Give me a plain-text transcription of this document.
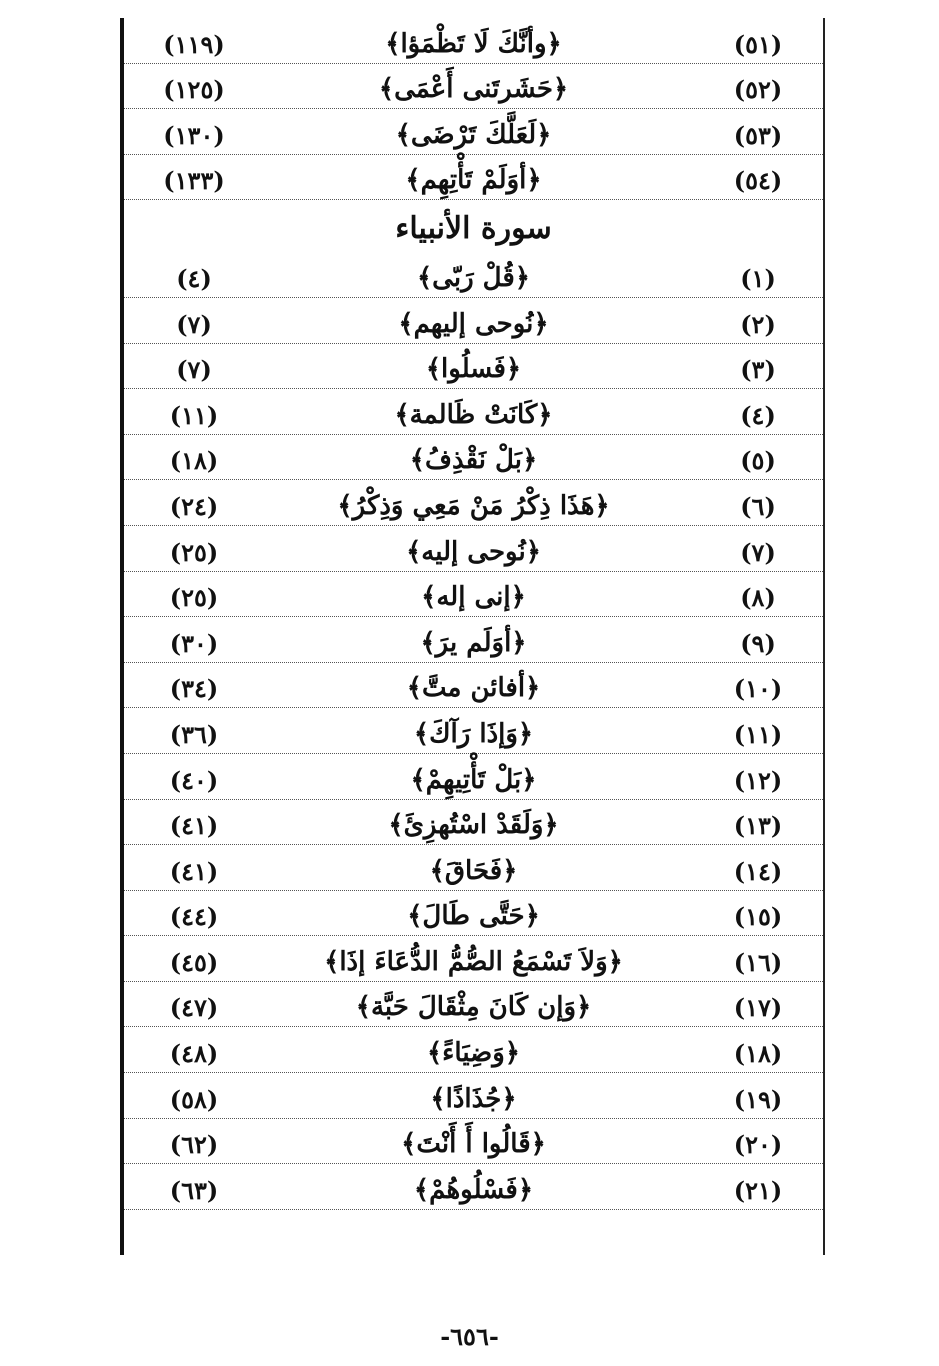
(١١٩)	﴿وأنَّكَ لَا تَظْمَؤا﴾	(٥١)
(١٢٥)	﴿حَشَرتَنى أَعْمَى﴾	(٥٢)
(١٣٠)	﴿لَعَلَّكَ تَرْضَى﴾	(٥٣)
(١٣٣)	﴿أوَلَمْ تَأْتِهِم﴾	(٥٤)
سورة الأنبياء
(٤)	﴿قُلْ رَبّى﴾	(١)
(٧)	﴿نُوحى إليهم﴾	(٢)
(٧)	﴿فَسلُوا﴾	(٣)
(١١)	﴿كَانَتْ ظَالمة﴾	(٤)
(١٨)	﴿بَلْ نَقْذِفُ﴾	(٥)
(٢٤)	﴿هَذَا ذِكْرُ مَنْ مَعِي وَذِكْرُ﴾	(٦)
(٢٥)	﴿نُوحى إليه﴾	(٧)
(٢٥)	﴿إنى إله﴾	(٨)
(٣٠)	﴿أوَلَم يرَ﴾	(٩)
(٣٤)	﴿أفائن متَّ﴾	(١٠)
(٣٦)	﴿وَإذَا رَآكَ﴾	(١١)
(٤٠)	﴿بَلْ تَأْتِيهِمْ﴾	(١٢)
(٤١)	﴿وَلَقَدْ اسْتُهزِئَ﴾	(١٣)
(٤١)	﴿فَحَاقَ﴾	(١٤)
(٤٤)	﴿حَتَّى طَالَ﴾	(١٥)
(٤٥)	﴿وَلاَ تَسْمَعُ الصُّمُّ الدُّعَاءَ إذَا﴾	(١٦)
(٤٧)	﴿وَإن كَانَ مِثْقَالَ حَبَّة﴾	(١٧)
(٤٨)	﴿وَضِيَاءً﴾	(١٨)
(٥٨)	﴿جُذَاذًا﴾	(١٩)
(٦٢)	﴿قَالُوا أَ أَنْتَ﴾	(٢٠)
(٦٣)	﴿فَسْلُوهُمْ﴾	(٢١)
-٦٥٦-
